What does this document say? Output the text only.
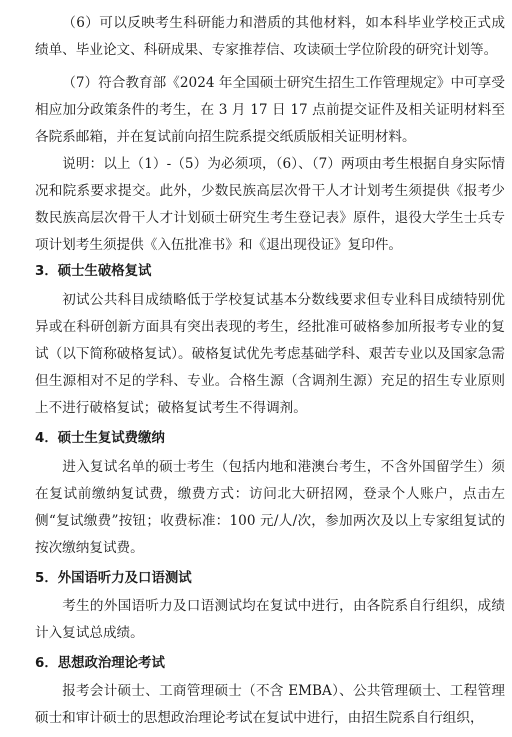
（6）可以反映考生科研能力和潜质的其他材料，如本科毕业学校正式成绩单、毕业论文、科研成果、专家推荐信、攻读硕士学位阶段的研究计划等。

（7）符合教育部《2024 年全国硕士研究生招生工作管理规定》中可享受相应加分政策条件的考生，在 3 月 17 日 17 点前提交证件及相关证明材料至各院系邮箱，并在复试前向招生院系提交纸质版相关证明材料。

说明：以上（1）-（5）为必须项，（6）、（7）两项由考生根据自身实际情况和院系要求提交。此外，少数民族高层次骨干人才计划考生须提供《报考少数民族高层次骨干人才计划硕士研究生考生登记表》原件，退役大学生士兵专项计划考生须提供《入伍批准书》和《退出现役证》复印件。

3．硕士生破格复试

初试公共科目成绩略低于学校复试基本分数线要求但专业科目成绩特别优异或在科研创新方面具有突出表现的考生，经批准可破格参加所报考专业的复试（以下简称破格复试）。破格复试优先考虑基础学科、艰苦专业以及国家急需但生源相对不足的学科、专业。合格生源（含调剂生源）充足的招生专业原则上不进行破格复试；破格复试考生不得调剂。

4．硕士生复试费缴纳

进入复试名单的硕士考生（包括内地和港澳台考生，不含外国留学生）须在复试前缴纳复试费，缴费方式：访问北大研招网，登录个人账户，点击左侧“复试缴费”按钮；收费标准：100 元/人/次，参加两次及以上专家组复试的按次缴纳复试费。

5．外国语听力及口语测试

考生的外国语听力及口语测试均在复试中进行，由各院系自行组织，成绩计入复试总成绩。

6．思想政治理论考试

报考会计硕士、工商管理硕士（不含 EMBA）、公共管理硕士、工程管理硕士和审计硕士的思想政治理论考试在复试中进行，由招生院系自行组织，
